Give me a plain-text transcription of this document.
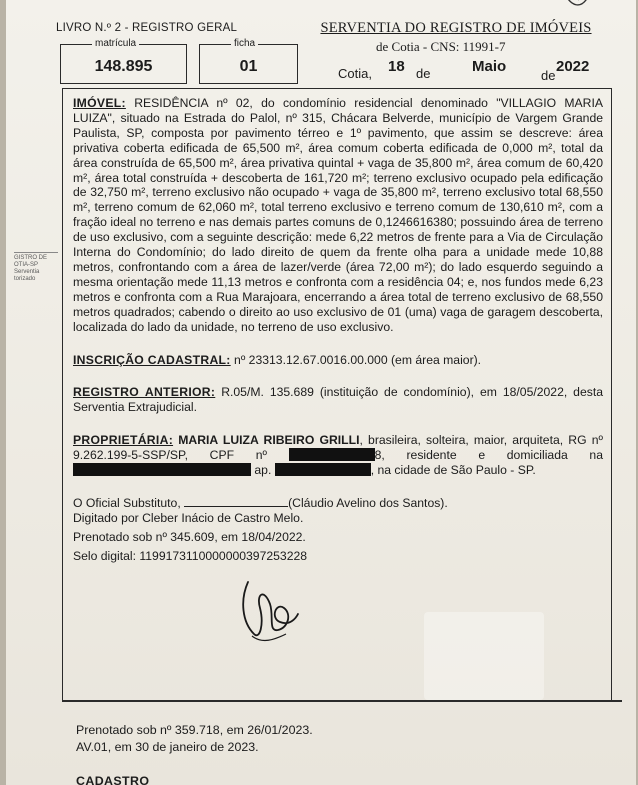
LIVRO N.º 2 - REGISTRO GERAL
148.895
matrícula
01
ficha
SERVENTIA DO REGISTRO DE IMÓVEIS
de Cotia - CNS: 11991-7
Cotia, 18 de	Maio
de
2022
GISTRO DE
OTIA-SP
Serventia
torizado

IMÓVEL: RESIDÊNCIA nº 02, do condomínio residencial denominado "VILLAGIO MARIA LUIZA", situado na Estrada do Palol, nº 315, Chácara Belverde, município de Vargem Grande Paulista, SP, composta por pavimento térreo e 1º pavimento, que assim se descreve: área privativa coberta edificada de 65,500 m², área comum coberta edificada de 0,000 m², total da área construída de 65,500 m², área privativa quintal + vaga de 35,800 m², área comum de 60,420 m², área total construída + descoberta de 161,720 m²; terreno exclusivo ocupado pela edificação de 32,750 m², terreno exclusivo não ocupado + vaga de 35,800 m², terreno exclusivo total 68,550 m², terreno comum de 62,060 m², total terreno exclusivo e terreno comum de 130,610 m², com a fração ideal no terreno e nas demais partes comuns de 0,1246616380; possuindo área de terreno de uso exclusivo, com a seguinte descrição: mede 6,22 metros de frente para a Via de Circulação Interna do Condomínio; do lado direito de quem da frente olha para a unidade mede 10,88 metros, confrontando com a área de lazer/verde (área 72,00 m²); do lado esquerdo seguindo a mesma orientação mede 11,13 metros e confronta com a residência 04; e, nos fundos mede 6,23 metros e confronta com a Rua Marajoara, encerrando a área total de terreno exclusivo de 68,550 metros quadrados; cabendo o direito ao uso exclusivo de 01 (uma) vaga de garagem descoberta, localizada do lado da unidade, no terreno de uso exclusivo.

INSCRIÇÃO CADASTRAL: nº 23313.12.67.0016.00.000 (em área maior).

REGISTRO ANTERIOR: R.05/M. 135.689 (instituição de condomínio), em 18/05/2022, desta Serventia Extrajudicial.

PROPRIETÁRIA: MARIA LUIZA RIBEIRO GRILLI, brasileira, solteira, maior, arquiteta, RG nº 9.262.199-5-SSP/SP, CPF nº	8, residente e domiciliada na ap.	, na cidade de São Paulo - SP.

O Oficial Substituto,	(Cláudio Avelino dos Santos).

Digitado por Cleber Inácio de Castro Melo.

Prenotado sob nº 345.609, em 18/04/2022.

Selo digital: 1199173110000000397253228

Prenotado sob nº 359.718, em 26/01/2023.
AV.01, em 30 de janeiro de 2023.
CADASTRO
